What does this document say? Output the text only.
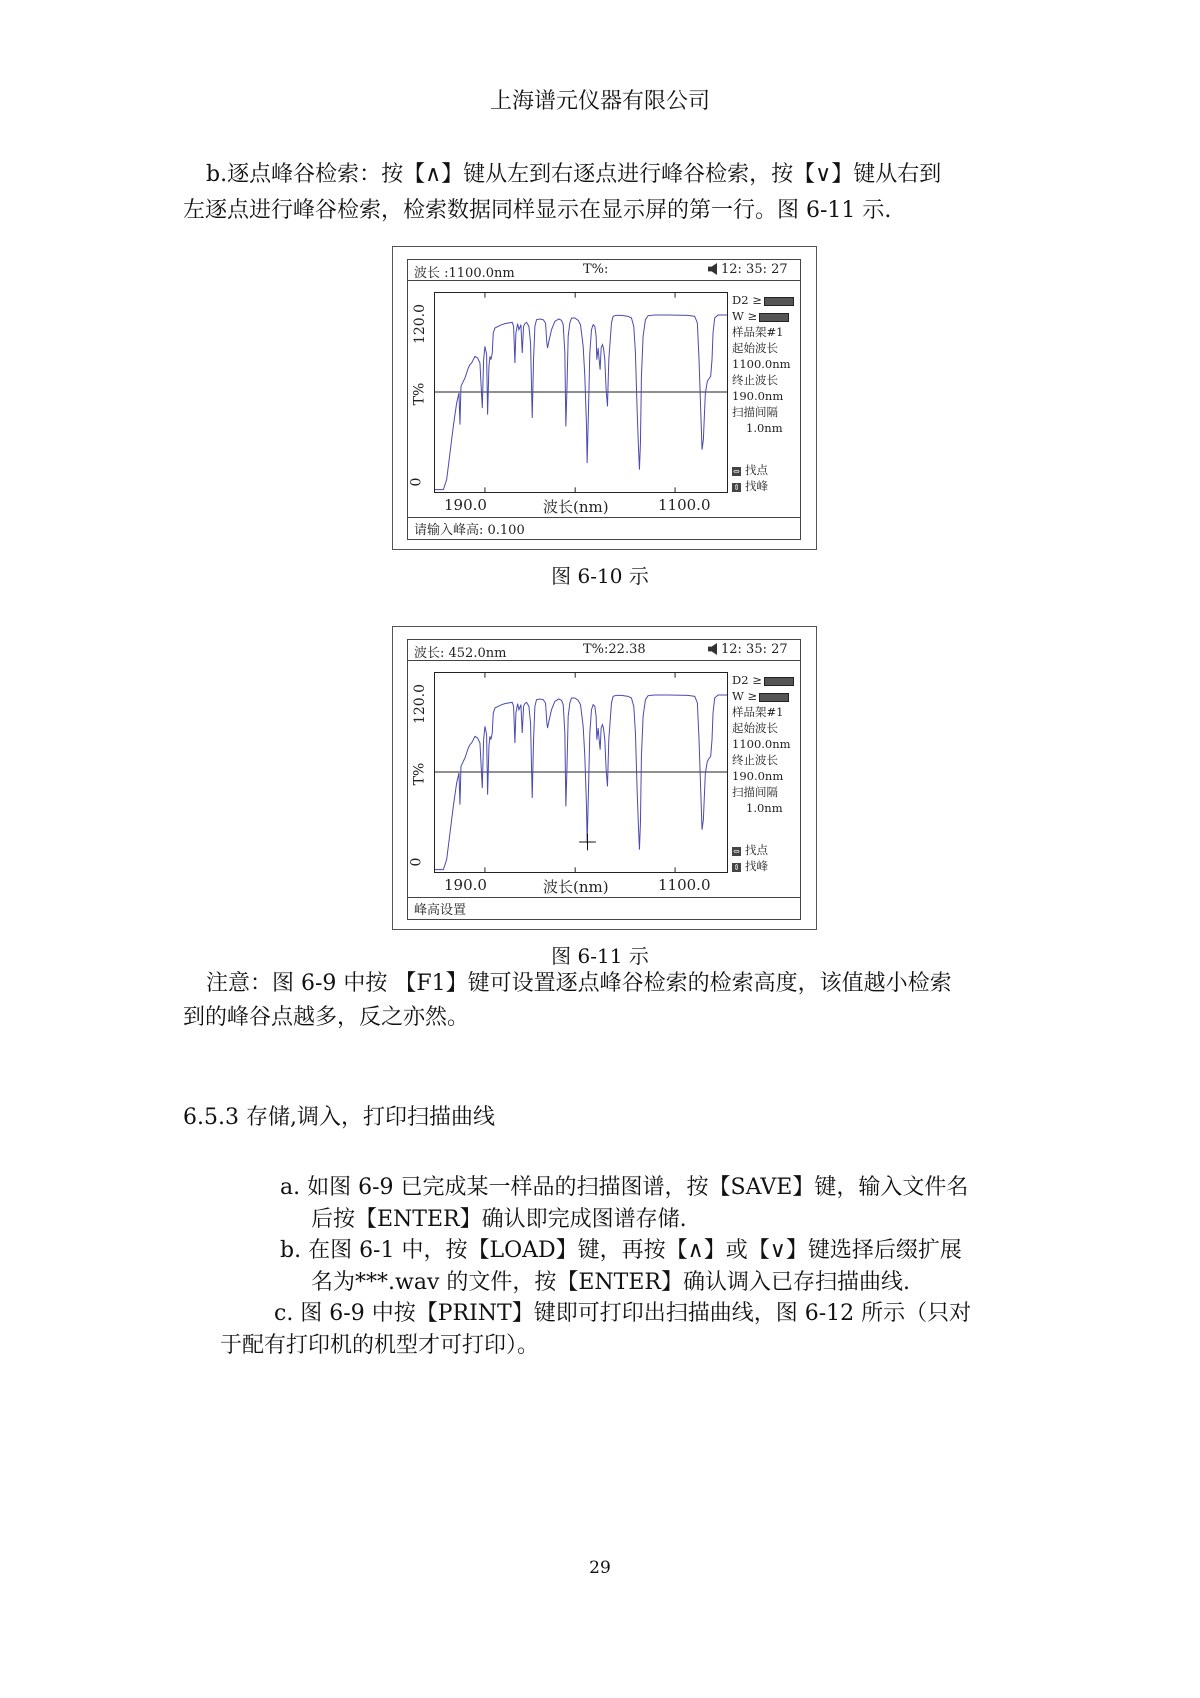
上海谱元仪器有限公司
b.逐点峰谷检索：按【∧】键从左到右逐点进行峰谷检索，按【∨】键从右到
左逐点进行峰谷检索，检索数据同样显示在显示屏的第一行。图 6-11 示.
波长 :1100.0nm	T%:	12: 35: 27
120.0
T%
0
190.0	波长(nm)	1100.0
D2 ≥
W ≥
样品架#1
起始波长
1100.0nm
终止波长
190.0nm
扫描间隔
1.0nm
⇔ 找点
⇕ 找峰
请输入峰高: 0.100
图 6-10 示
波长: 452.0nm	T%:22.38	12: 35: 27
120.0
T%
0
190.0	波长(nm)	1100.0
D2 ≥
W ≥
样品架#1
起始波长
1100.0nm
终止波长
190.0nm
扫描间隔
1.0nm
⇔ 找点
⇕ 找峰
峰高设置
图 6-11 示
注意：图 6-9 中按 【F1】键可设置逐点峰谷检索的检索高度，该值越小检索
到的峰谷点越多，反之亦然。
6.5.3 存储,调入，打印扫描曲线
a. 如图 6-9 已完成某一样品的扫描图谱，按【SAVE】键，输入文件名
后按【ENTER】确认即完成图谱存储.
b. 在图 6-1 中，按【LOAD】键，再按【∧】或【∨】键选择后缀扩展
名为***.wav 的文件，按【ENTER】确认调入已存扫描曲线.
c. 图 6-9 中按【PRINT】键即可打印出扫描曲线，图 6-12 所示（只对
于配有打印机的机型才可打印）。
29
